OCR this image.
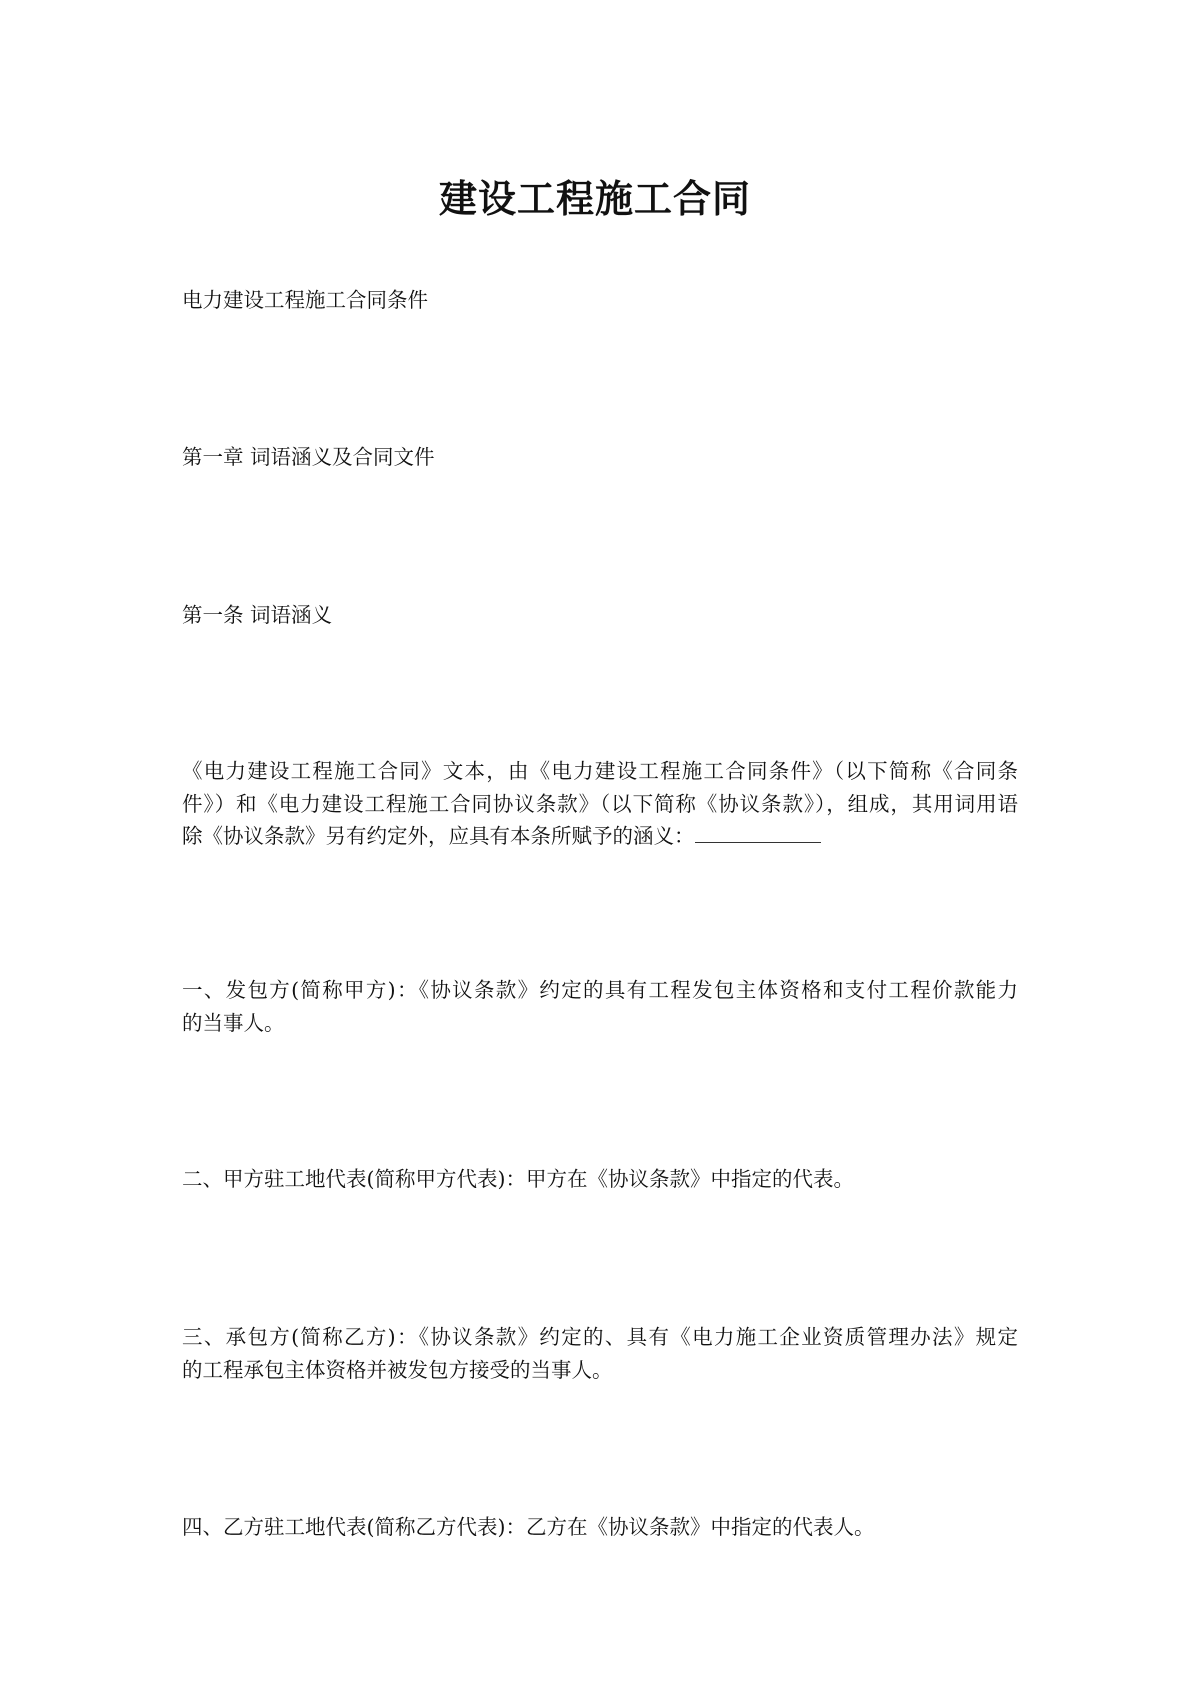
建设工程施工合同
电力建设工程施工合同条件
第一章 词语涵义及合同文件
第一条 词语涵义
《电力建设工程施工合同》文本，由《电力建设工程施工合同条件》（以下简称《合同条
件》）和《电力建设工程施工合同协议条款》（以下简称《协议条款》），组成，其用词用语
除《协议条款》另有约定外，应具有本条所赋予的涵义：
一、发包方(简称甲方)：《协议条款》约定的具有工程发包主体资格和支付工程价款能力
的当事人。
二、甲方驻工地代表(简称甲方代表)：甲方在《协议条款》中指定的代表。
三、承包方(简称乙方)：《协议条款》约定的、具有《电力施工企业资质管理办法》规定
的工程承包主体资格并被发包方接受的当事人。
四、乙方驻工地代表(简称乙方代表)：乙方在《协议条款》中指定的代表人。
